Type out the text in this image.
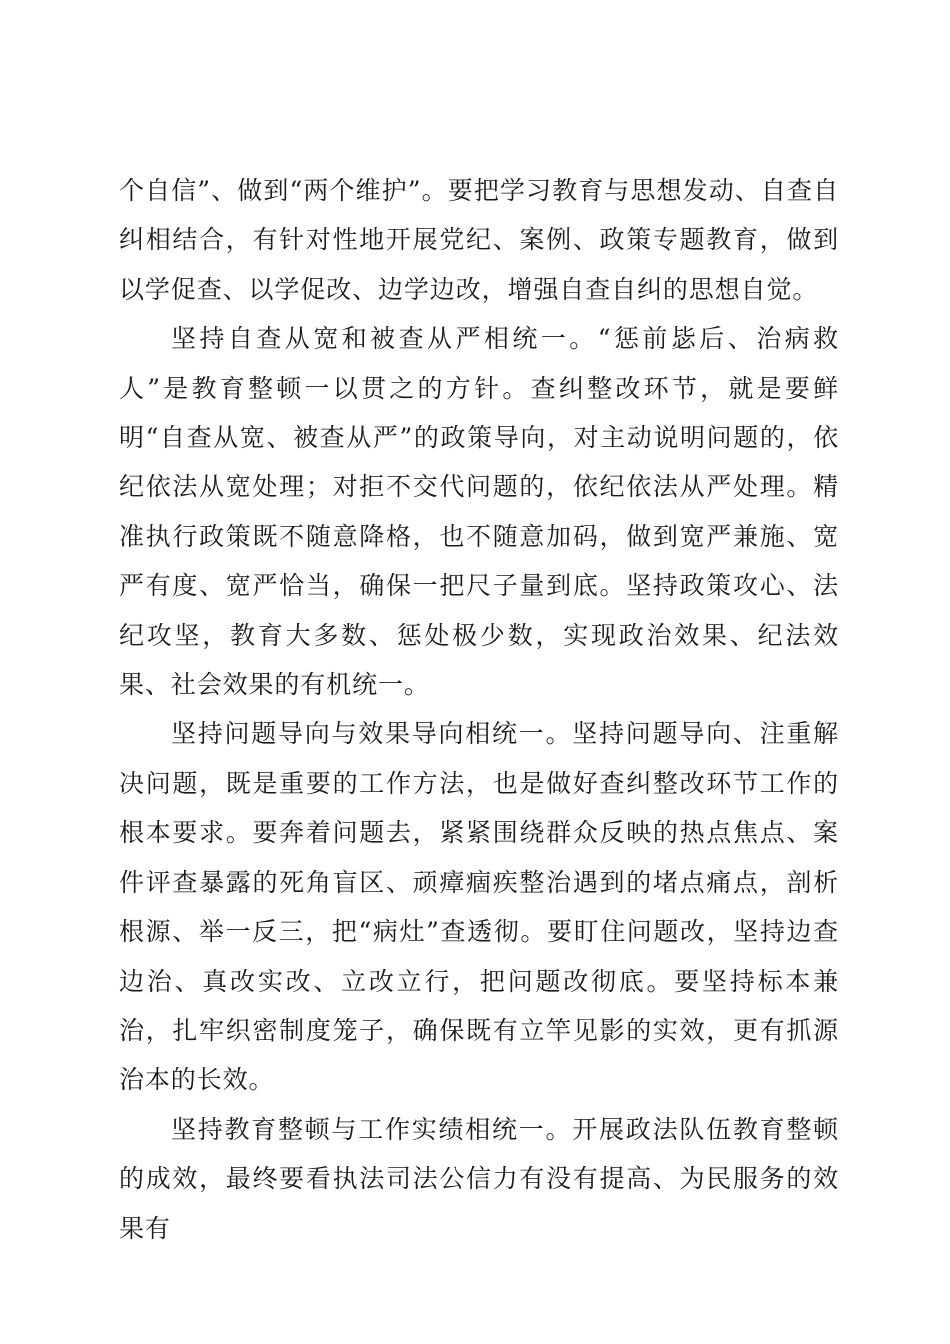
个自信”、做到“两个维护”。要把学习教育与思想发动、自查自纠相结合，有针对性地开展党纪、案例、政策专题教育，做到以学促查、以学促改、边学边改，增强自查自纠的思想自觉。

坚持自查从宽和被查从严相统一。“惩前毖后、治病救人”是教育整顿一以贯之的方针。查纠整改环节，就是要鲜明“自查从宽、被查从严”的政策导向，对主动说明问题的，依纪依法从宽处理；对拒不交代问题的，依纪依法从严处理。精准执行政策既不随意降格，也不随意加码，做到宽严兼施、宽严有度、宽严恰当，确保一把尺子量到底。坚持政策攻心、法纪攻坚，教育大多数、惩处极少数，实现政治效果、纪法效果、社会效果的有机统一。

坚持问题导向与效果导向相统一。坚持问题导向、注重解决问题，既是重要的工作方法，也是做好查纠整改环节工作的根本要求。要奔着问题去，紧紧围绕群众反映的热点焦点、案件评查暴露的死角盲区、顽瘴痼疾整治遇到的堵点痛点，剖析根源、举一反三，把“病灶”查透彻。要盯住问题改，坚持边查边治、真改实改、立改立行，把问题改彻底。要坚持标本兼治，扎牢织密制度笼子，确保既有立竿见影的实效，更有抓源治本的长效。

坚持教育整顿与工作实绩相统一。开展政法队伍教育整顿的成效，最终要看执法司法公信力有没有提高、为民服务的效果有
